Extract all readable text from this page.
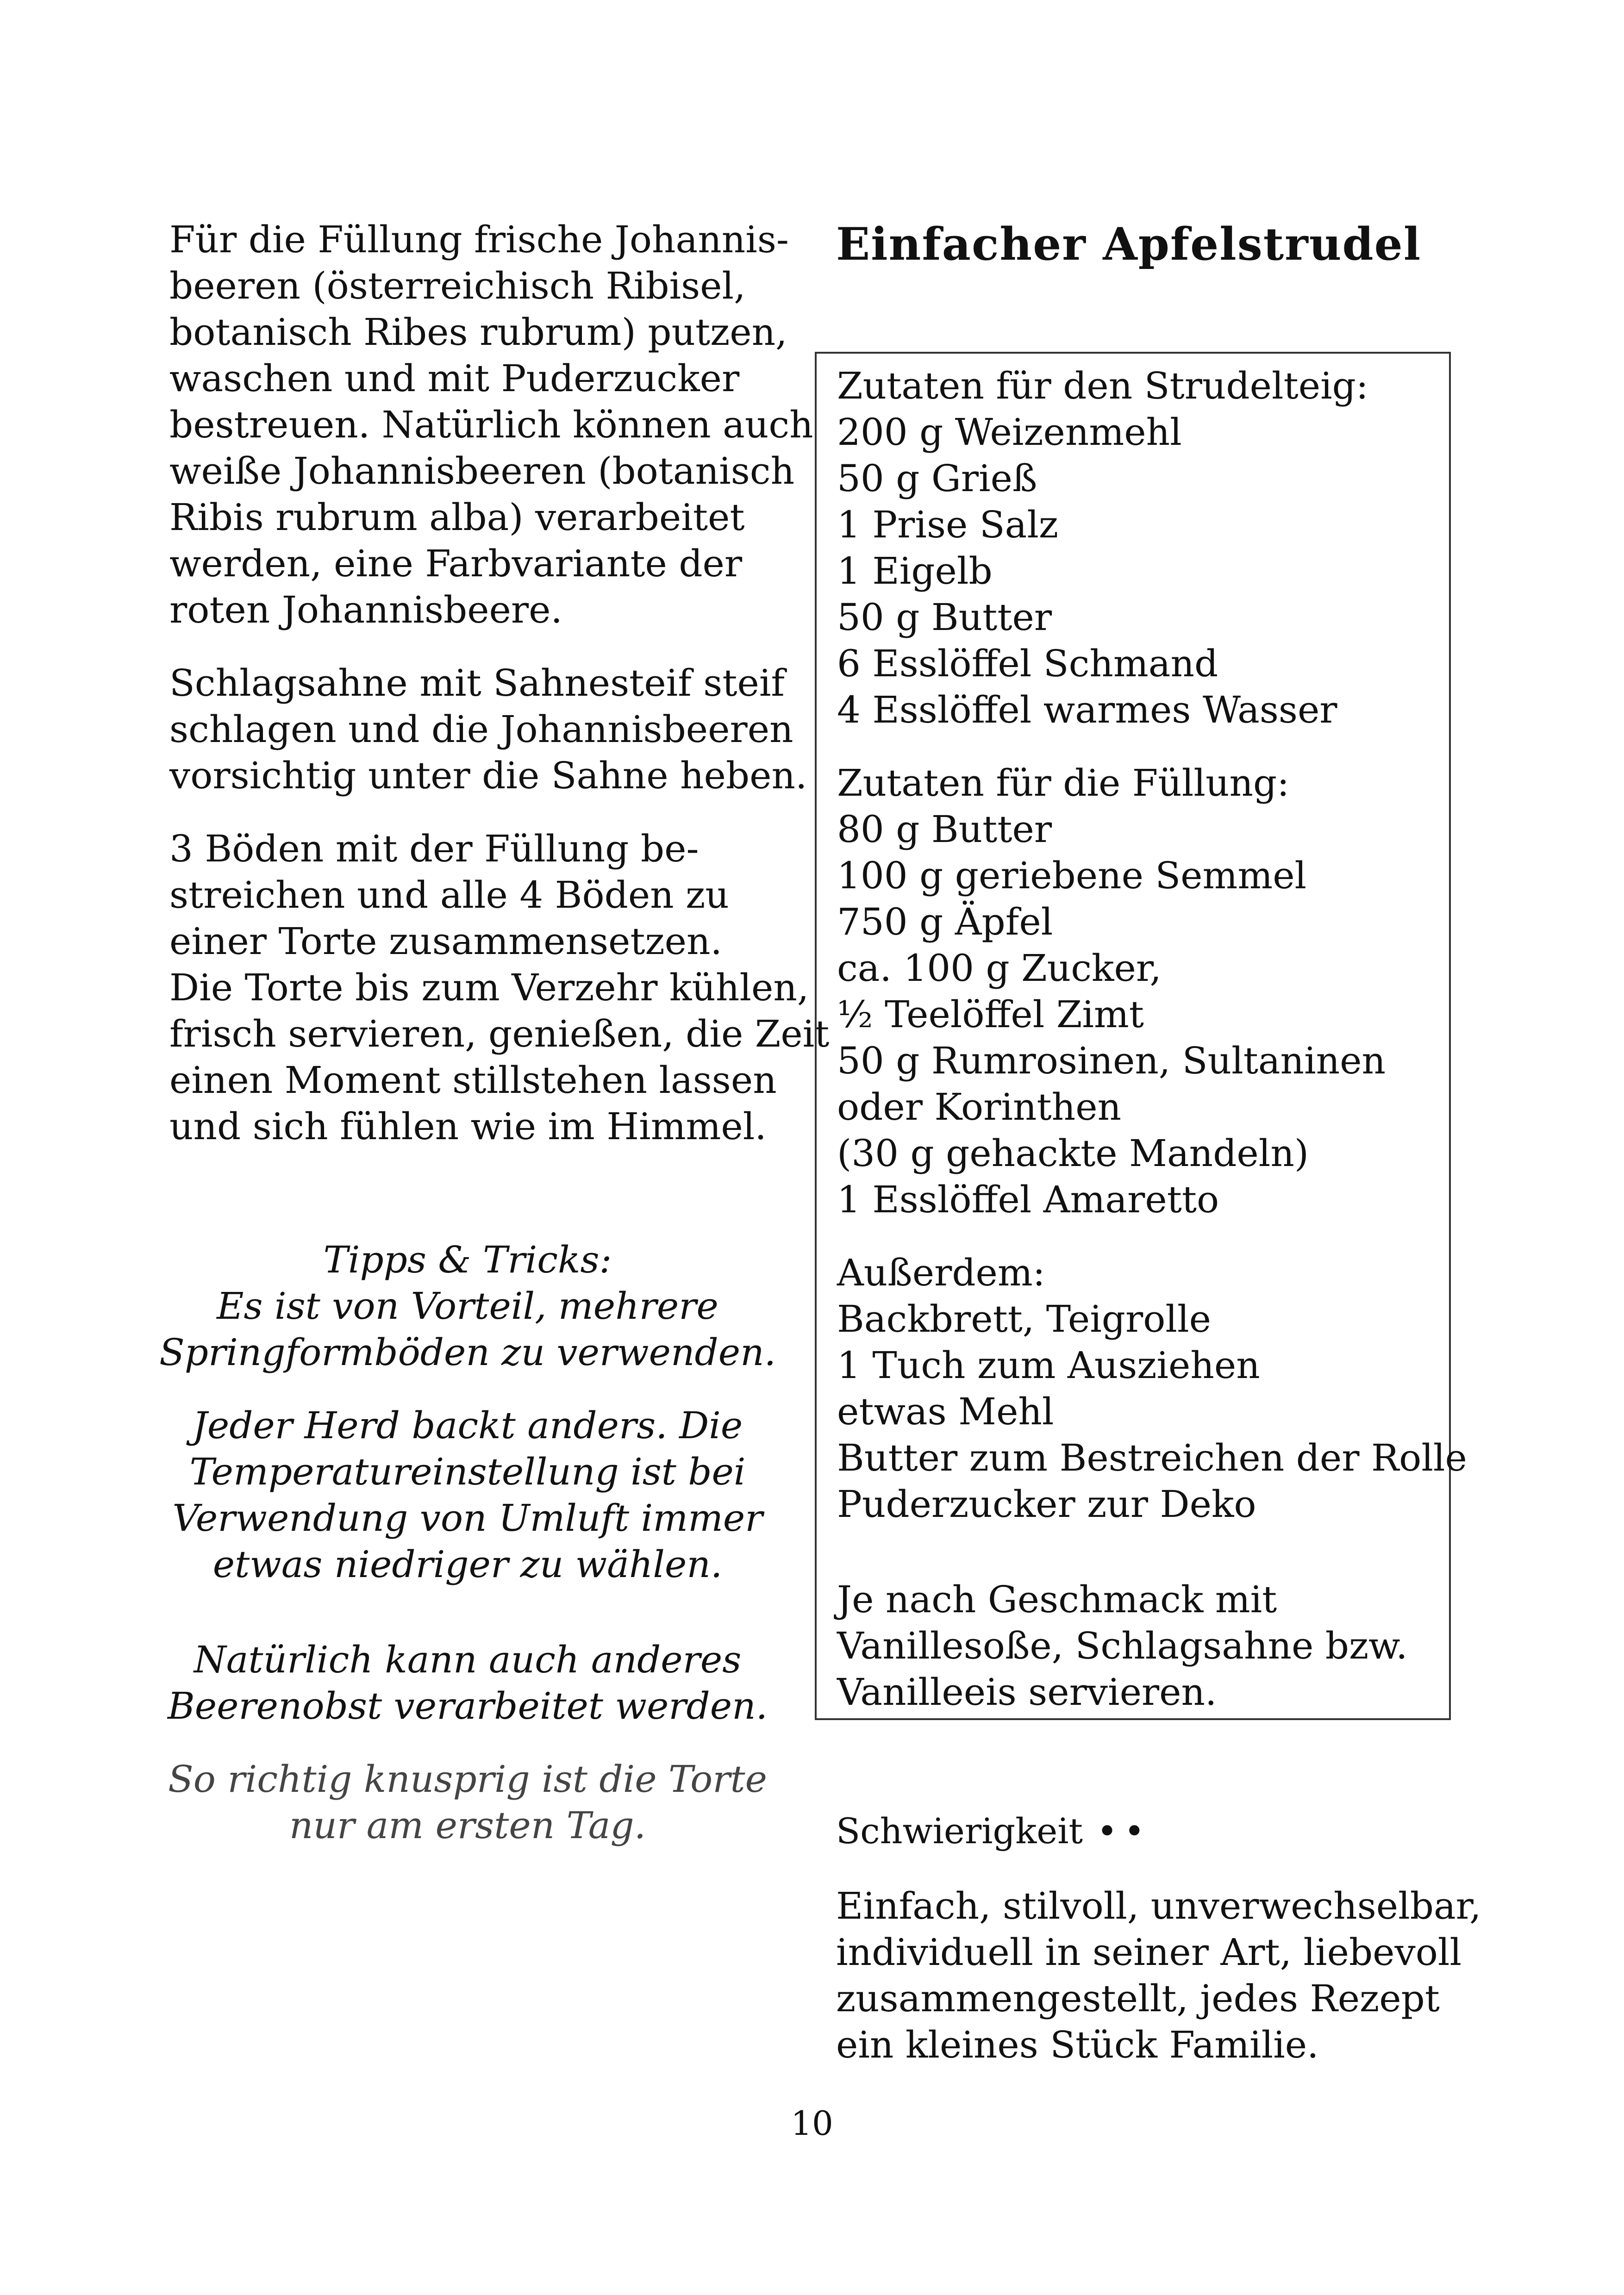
Für die Füllung frische Johannis-
beeren (österreichisch Ribisel,
botanisch Ribes rubrum) putzen,
waschen und mit Puderzucker
bestreuen. Natürlich können auch
weiße Johannisbeeren (botanisch
Ribis rubrum alba) verarbeitet
werden, eine Farbvariante der
roten Johannisbeere.

Schlagsahne mit Sahnesteif steif
schlagen und die Johannisbeeren
vorsichtig unter die Sahne heben.

3 Böden mit der Füllung be-
streichen und alle 4 Böden zu
einer Torte zusammensetzen.
Die Torte bis zum Verzehr kühlen,
frisch servieren, genießen, die Zeit
einen Moment stillstehen lassen
und sich fühlen wie im Himmel.

Tipps & Tricks:
Es ist von Vorteil, mehrere
Springformböden zu verwenden.
Jeder Herd backt anders. Die
Temperatureinstellung ist bei
Verwendung von Umluft immer
etwas niedriger zu wählen.
Natürlich kann auch anderes
Beerenobst verarbeitet werden.
So richtig knusprig ist die Torte
nur am ersten Tag.
Einfacher Apfelstrudel
Zutaten für den Strudelteig:
200 g Weizenmehl
50 g Grieß
1 Prise Salz
1 Eigelb
50 g Butter
6 Esslöffel Schmand
4 Esslöffel warmes Wasser
Zutaten für die Füllung:
80 g Butter
100 g geriebene Semmel
750 g Äpfel
ca. 100 g Zucker,
½ Teelöffel Zimt
50 g Rumrosinen, Sultaninen
oder Korinthen
(30 g gehackte Mandeln)
1 Esslöffel Amaretto
Außerdem:
Backbrett, Teigrolle
1 Tuch zum Ausziehen
etwas Mehl
Butter zum Bestreichen der Rolle
Puderzucker zur Deko
Je nach Geschmack mit
Vanillesoße, Schlagsahne bzw.
Vanilleeis servieren.
Schwierigkeit ••
Einfach, stilvoll, unverwechselbar,
individuell in seiner Art, liebevoll
zusammengestellt, jedes Rezept
ein kleines Stück Familie.
10
